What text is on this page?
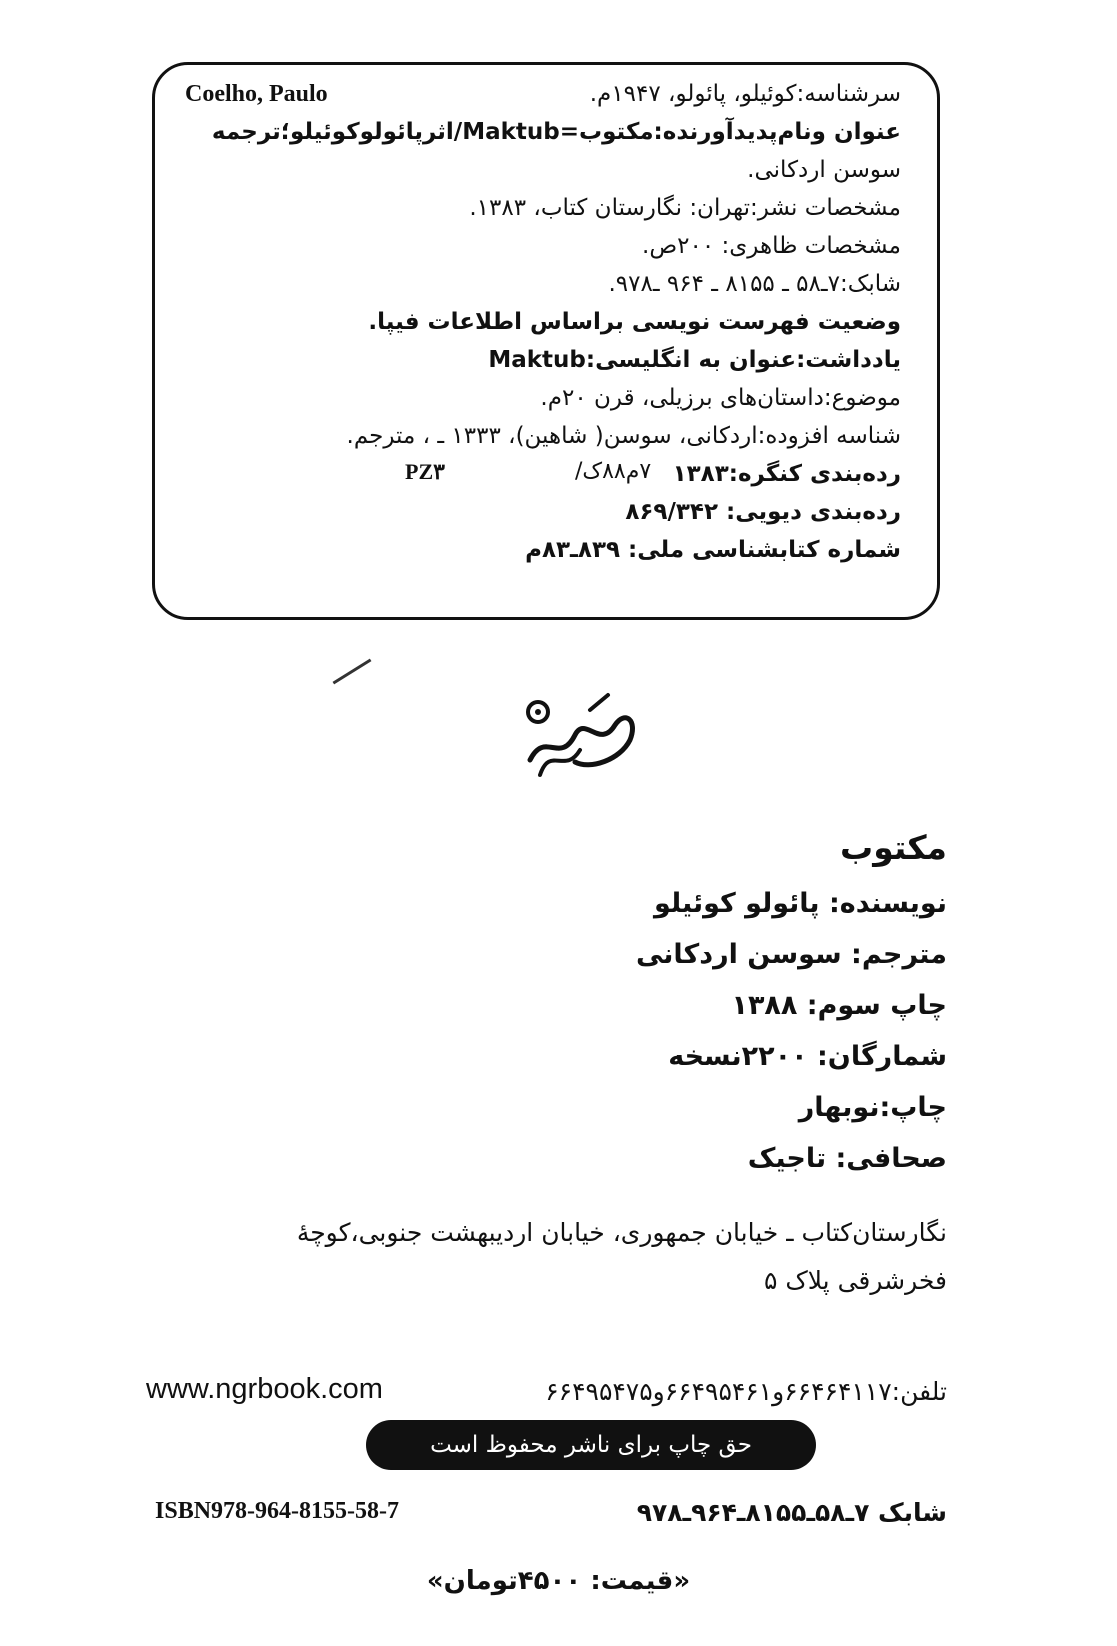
Coelho, Paulo	سرشناسه:کوئیلو، پائولو، ۱۹۴۷م.
عنوان ونام‌پدیدآورنده:مکتوب=Maktub/اثرپائولوکوئیلو؛ترجمه
سوسن اردکانی.
مشخصات نشر:تهران: نگارستان کتاب، ۱۳۸۳.
مشخصات ظاهری: ۲۰۰ص.
شابک:۷ـ۵۸ ـ ۸۱۵۵ ـ ۹۶۴ ـ۹۷۸.
وضعیت فهرست نویسی براساس اطلاعات فیپا.
یادداشت:عنوان به انگلیسی:Maktub
موضوع:داستان‌های برزیلی، قرن ۲۰م.
شناسه افزوده:اردکانی، سوسن( شاهین)، ۱۳۳۳ ـ ، مترجم.
رده‌بندی کنگره:۱۳۸۳
۷م۸۸ک/
PZ۳
رده‌بندی دیویی: ۸۶۹/۳۴۲
شماره کتابشناسی ملی: ۸۳۹ـ۸۳م
مکتوب
نویسنده: پائولو کوئیلو
مترجم: سوسن اردکانی
چاپ سوم: ۱۳۸۸
شمارگان: ۲۲۰۰نسخه
چاپ:نوبهار
صحافی: تاجیک
نگارستان‌کتاب ـ خیابان جمهوری، خیابان اردیبهشت جنوبی،کوچۀ
فخرشرقی پلاک ۵
تلفن:۶۶۴۶۴۱۱۷و۶۶۴۹۵۴۶۱و۶۶۴۹۵۴۷۵
www.ngrbook.com
حق چاپ برای ناشر محفوظ است
شابک ۷ـ۵۸ـ۸۱۵۵ـ۹۶۴ـ۹۷۸
ISBN978-964-8155-58-7
«قیمت: ۴۵۰۰تومان»
